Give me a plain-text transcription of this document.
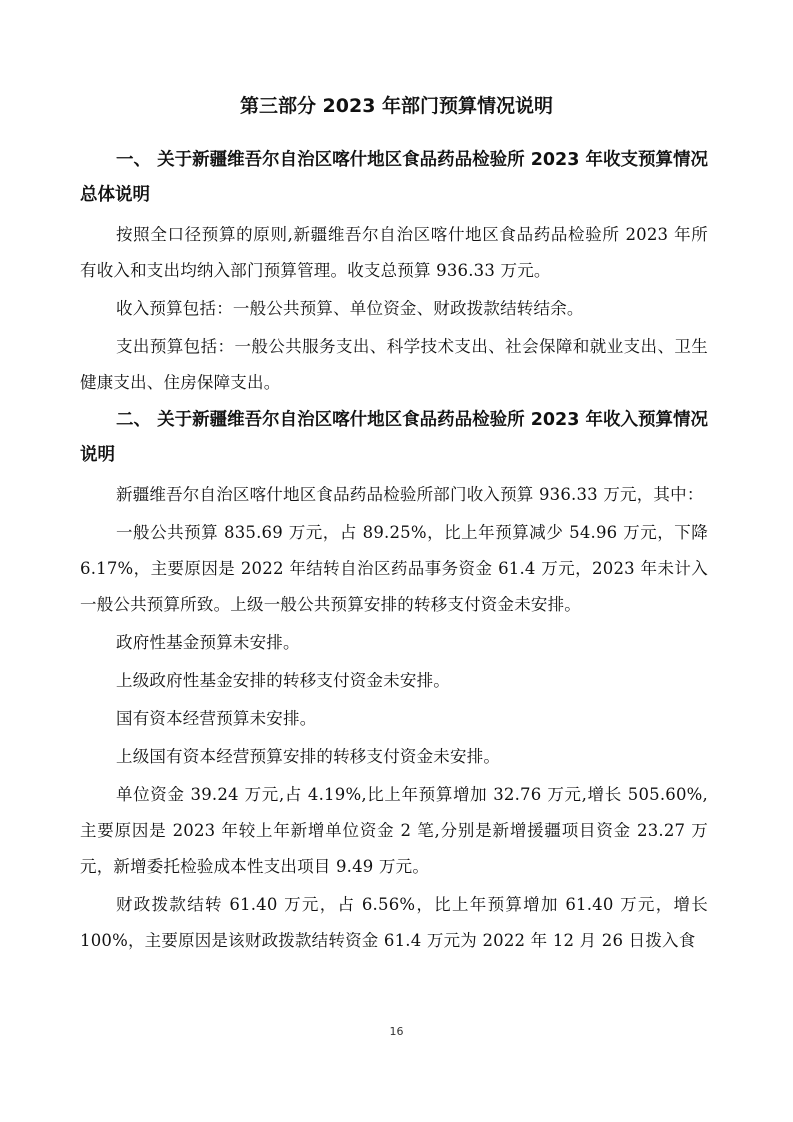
第三部分 2023 年部门预算情况说明
一、 关于新疆维吾尔自治区喀什地区食品药品检验所 2023 年收支预算情况总体说明

按照全口径预算的原则,新疆维吾尔自治区喀什地区食品药品检验所 2023 年所有收入和支出均纳入部门预算管理。收支总预算 936.33 万元。

收入预算包括：一般公共预算、单位资金、财政拨款结转结余。

支出预算包括：一般公共服务支出、科学技术支出、社会保障和就业支出、卫生健康支出、住房保障支出。

二、 关于新疆维吾尔自治区喀什地区食品药品检验所 2023 年收入预算情况说明

新疆维吾尔自治区喀什地区食品药品检验所部门收入预算 936.33 万元，其中：

一般公共预算 835.69 万元，占 89.25%，比上年预算减少 54.96 万元，下降 6.17%，主要原因是 2022 年结转自治区药品事务资金 61.4 万元，2023 年未计入一般公共预算所致。上级一般公共预算安排的转移支付资金未安排。

政府性基金预算未安排。

上级政府性基金安排的转移支付资金未安排。

国有资本经营预算未安排。

上级国有资本经营预算安排的转移支付资金未安排。

单位资金 39.24 万元,占 4.19%,比上年预算增加 32.76 万元,增长 505.60%,主要原因是 2023 年较上年新增单位资金 2 笔,分别是新增援疆项目资金 23.27 万元，新增委托检验成本性支出项目 9.49 万元。

财政拨款结转 61.40 万元，占 6.56%，比上年预算增加 61.40 万元，增长 100%，主要原因是该财政拨款结转资金 61.4 万元为 2022 年 12 月 26 日拨入食

16
